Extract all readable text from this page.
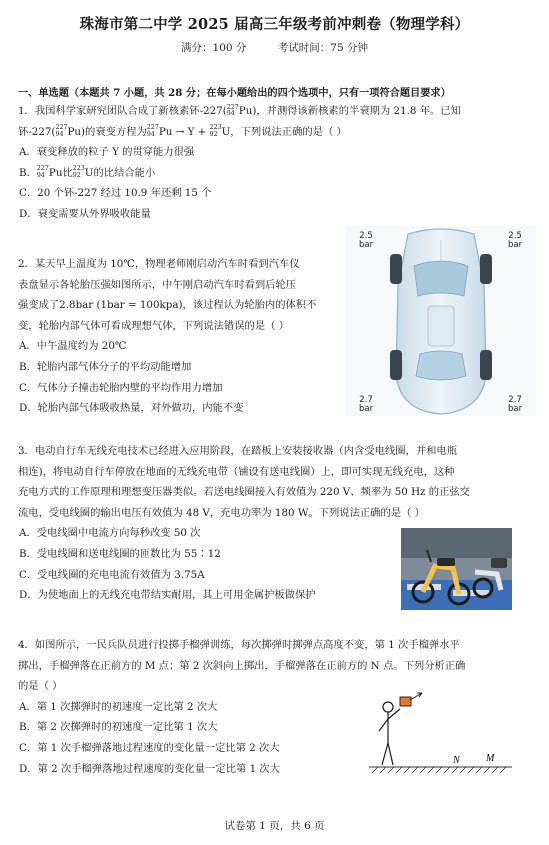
珠海市第二中学 2025 届高三年级考前冲刺卷（物理学科）
满分：100 分	考试时间：75 分钟
一、单选题（本题共 7 小题，共 28 分；在每小题给出的四个选项中，只有一项符合题目要求）

1．我国科学家研究团队合成了新核素钚-227( 227
94 Pu)，并测得该新核素的半衰期为 21.8 年。已知

钚-227( 227
94 Pu)的衰变方程为 227
94 Pu → Y + 223
92 U，下列说法正确的是（ ）

A．衰变释放的粒子 Y 的贯穿能力很强

B． 227
94 Pu比 223
92 U的比结合能小

C．20 个钚-227 经过 10.9 年还剩 15 个

D．衰变需要从外界吸收能量

2．某天早上温度为 10℃，物理老师刚启动汽车时看到汽车仪

表盘显示各轮胎压强如图所示，中午刚启动汽车时看到后轮压

强变成了2.8bar (1bar = 100kpa)，该过程认为轮胎内的体积不

变，轮胎内部气体可看成理想气体，下列说法错误的是（ ）

A．中午温度约为 20℃

B．轮胎内部气体分子的平均动能增加

C．气体分子撞击轮胎内壁的平均作用力增加

D．轮胎内部气体吸收热量，对外做功，内能不变

2.5
bar
2.5
bar
2.7
bar
2.7
bar

3．电动自行车无线充电技术已经进入应用阶段，在踏板上安装接收器（内含受电线圈，并和电瓶

相连)，将电动自行车停放在地面的无线充电带（铺设有送电线圈）上，即可实现无线充电，这种

充电方式的工作原理和理想变压器类似。若送电线圈接入有效值为 220 V、频率为 50 Hz 的正弦交

流电，受电线圈的输出电压有效值为 48 V，充电功率为 180 W。下列说法正确的是（ ）

A．受电线圈中电流方向每秒改变 50 次

B．受电线圈和送电线圈的匝数比为 55∶12

C．受电线圈的充电电流有效值为 3.75A

D．为使地面上的无线充电带结实耐用，其上可用金属护板做保护

4．如图所示，一民兵队员进行投掷手榴弹训练，每次掷弹时掷弹点高度不变，第 1 次手榴弹水平

掷出，手榴弹落在正前方的 M 点；第 2 次斜向上掷出，手榴弹落在正前方的 N 点。下列分析正确

的是（ ）

A．第 1 次掷弹时的初速度一定比第 2 次大

B．第 2 次掷弹时的初速度一定比第 1 次大

C．第 1 次手榴弹落地过程速度的变化量一定比第 2 次大

D．第 2 次手榴弹落地过程速度的变化量一定比第 1 次大

N	M
试卷第 1 页，共 6 页
